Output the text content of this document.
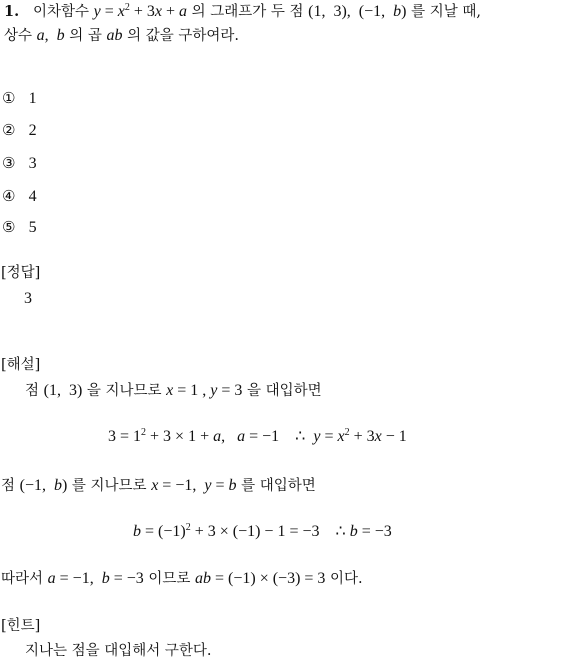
1. 이차함수 $y = x^2 + 3x + a$ 의 그래프가 두 점 (1,  3),  (−1,  b) 를 지날 때,
상수 a,  b 의 곱 ab 의 값을 구하여라.
① 1
② 2
③ 3
④ 4
⑤ 5
[정답]
3
[해설]
점 (1,  3) 을 지나므로 x = 1 , y = 3 을 대입하면
$3 = 1^2 + 3 \times 1 + a$,   a = −1    ∴  $y = x^2 + 3x - 1$
점 (−1,  b) 를 지나므로 x = −1,  y = b 를 대입하면
$b = (-1)^2 + 3 \times (-1) - 1 = -3$    ∴ b = −3
따라서 a = −1,  b = −3 이므로 ab = (−1) × (−3) = 3 이다.
[힌트]
지나는 점을 대입해서 구한다.
